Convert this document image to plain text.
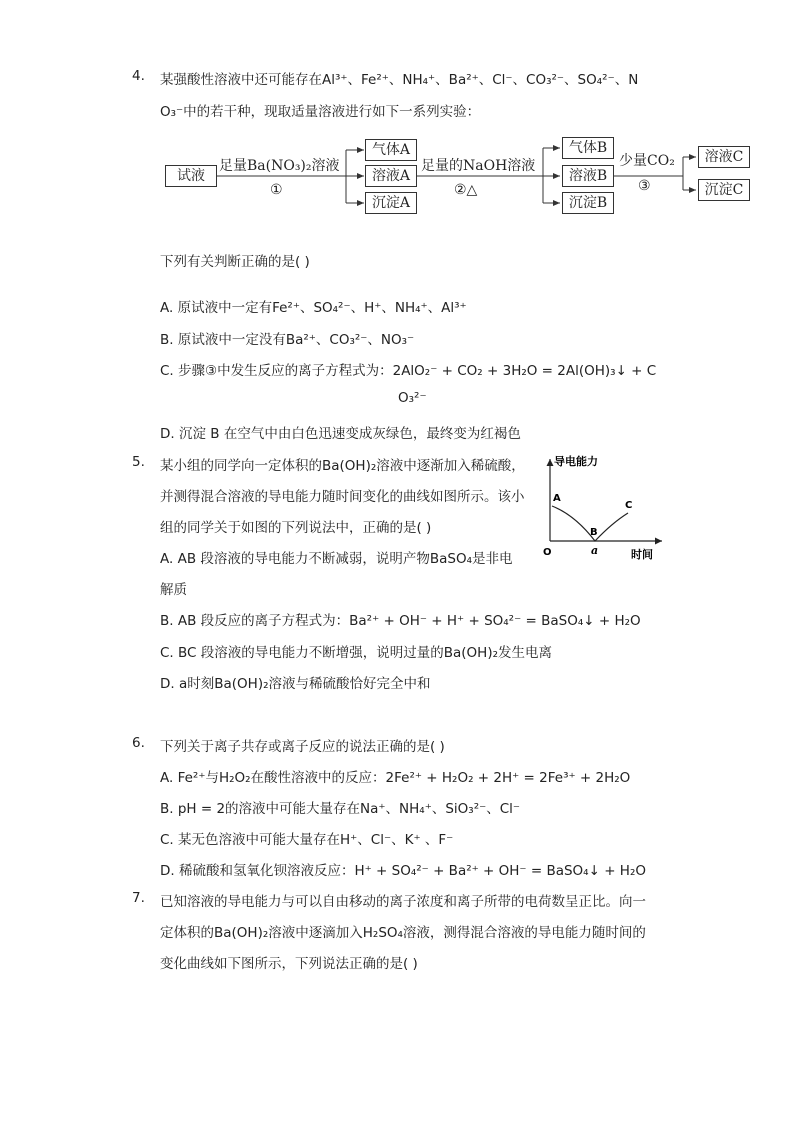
4. 某强酸性溶液中还可能存在Al³⁺、Fe²⁺、NH₄⁺、Ba²⁺、Cl⁻、CO₃²⁻、SO₄²⁻、N
O₃⁻中的若干种，现取适量溶液进行如下一系列实验：
试液
足量Ba(NO₃)₂溶液
①
气体A
溶液A
沉淀A
足量的NaOH溶液
②△
气体B
溶液B
沉淀B
少量CO₂
③
溶液C
沉淀C
下列有关判断正确的是( )
A. 原试液中一定有Fe²⁺、SO₄²⁻、H⁺、NH₄⁺、Al³⁺
B. 原试液中一定没有Ba²⁺、CO₃²⁻、NO₃⁻
C. 步骤③中发生反应的离子方程式为：2AlO₂⁻ + CO₂ + 3H₂O = 2Al(OH)₃↓ + C
O₃²⁻
D. 沉淀 B 在空气中由白色迅速变成灰绿色，最终变为红褐色
5. 某小组的同学向一定体积的Ba(OH)₂溶液中逐渐加入稀硫酸，
并测得混合溶液的导电能力随时间变化的曲线如图所示。该小
组的同学关于如图的下列说法中，正确的是( )
A. AB 段溶液的导电能力不断减弱，说明产物BaSO₄是非电
解质
B. AB 段反应的离子方程式为：Ba²⁺ + OH⁻ + H⁺ + SO₄²⁻ = BaSO₄↓ + H₂O
C. BC 段溶液的导电能力不断增强，说明过量的Ba(OH)₂发生电离
D. a时刻Ba(OH)₂溶液与稀硫酸恰好完全中和
导电能力
时间
O
A
B
C
a
6. 下列关于离子共存或离子反应的说法正确的是( )
A. Fe²⁺与H₂O₂在酸性溶液中的反应：2Fe²⁺ + H₂O₂ + 2H⁺ = 2Fe³⁺ + 2H₂O
B. pH = 2的溶液中可能大量存在Na⁺、NH₄⁺、SiO₃²⁻、Cl⁻
C. 某无色溶液中可能大量存在H⁺、Cl⁻、K⁺ 、F⁻
D. 稀硫酸和氢氧化钡溶液反应：H⁺ + SO₄²⁻ + Ba²⁺ + OH⁻ = BaSO₄↓ + H₂O
7. 已知溶液的导电能力与可以自由移动的离子浓度和离子所带的电荷数呈正比。向一
定体积的Ba(OH)₂溶液中逐滴加入H₂SO₄溶液，测得混合溶液的导电能力随时间的
变化曲线如下图所示，下列说法正确的是( )
